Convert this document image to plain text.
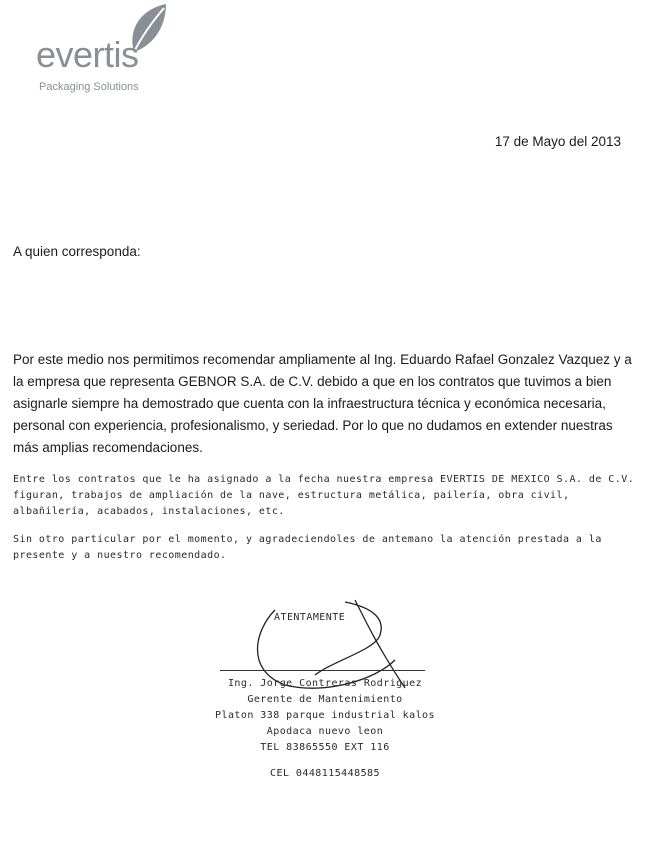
evertis
Packaging Solutions
17 de Mayo del 2013
A quien corresponda:
Por este medio nos permitimos recomendar ampliamente al Ing. Eduardo Rafael Gonzalez Vazquez y a la empresa que representa GEBNOR S.A. de C.V. debido a que en los contratos que tuvimos a bien asignarle siempre ha demostrado que cuenta con la infraestructura técnica y económica necesaria, personal con experiencia, profesionalismo, y seriedad. Por lo que no dudamos en extender nuestras más amplias recomendaciones.
Entre los contratos que le ha asignado a la fecha nuestra empresa EVERTIS DE MEXICO S.A. de C.V. figuran, trabajos de ampliación de la nave, estructura metálica, pailería, obra civil, albañilería, acabados, instalaciones, etc.
Sin otro particular por el momento, y agradeciendoles de antemano la atención prestada a la presente y a nuestro recomendado.
ATENTAMENTE
Ing. Jorge Contreras Rodriguez
Gerente de Mantenimiento
Platon 338 parque industrial kalos
Apodaca nuevo leon
TEL 83865550 EXT 116
CEL 0448115448585
